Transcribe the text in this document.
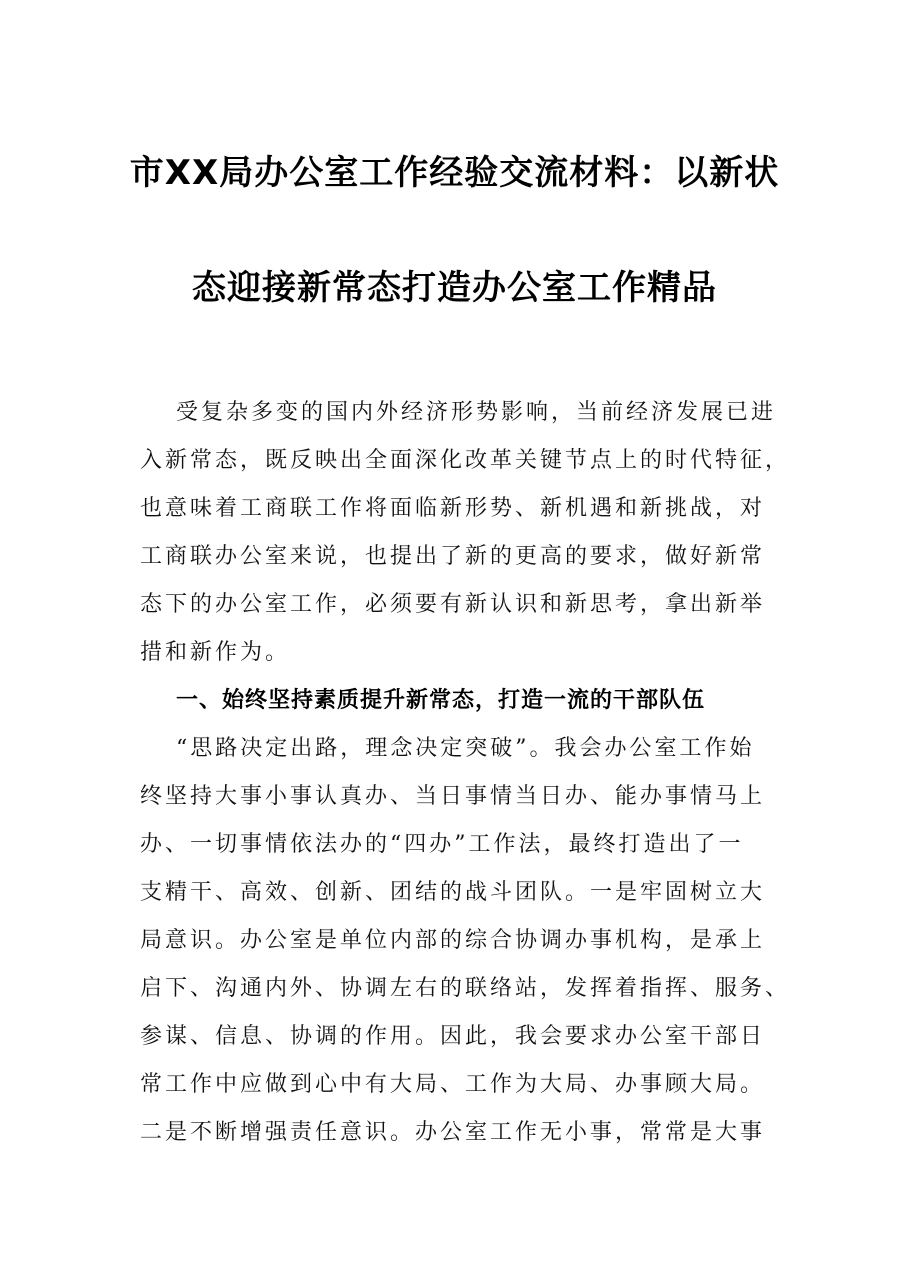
市XX局办公室工作经验交流材料：以新状
态迎接新常态打造办公室工作精品
受复杂多变的国内外经济形势影响，当前经济发展已进
入新常态，既反映出全面深化改革关键节点上的时代特征，
也意味着工商联工作将面临新形势、新机遇和新挑战，对
工商联办公室来说，也提出了新的更高的要求，做好新常
态下的办公室工作，必须要有新认识和新思考，拿出新举
措和新作为。
一、始终坚持素质提升新常态，打造一流的干部队伍
“思路决定出路，理念决定突破”。我会办公室工作始
终坚持大事小事认真办、当日事情当日办、能办事情马上
办、一切事情依法办的“四办”工作法，最终打造出了一
支精干、高效、创新、团结的战斗团队。一是牢固树立大
局意识。办公室是单位内部的综合协调办事机构，是承上
启下、沟通内外、协调左右的联络站，发挥着指挥、服务、
参谋、信息、协调的作用。因此，我会要求办公室干部日
常工作中应做到心中有大局、工作为大局、办事顾大局。
二是不断增强责任意识。办公室工作无小事，常常是大事
